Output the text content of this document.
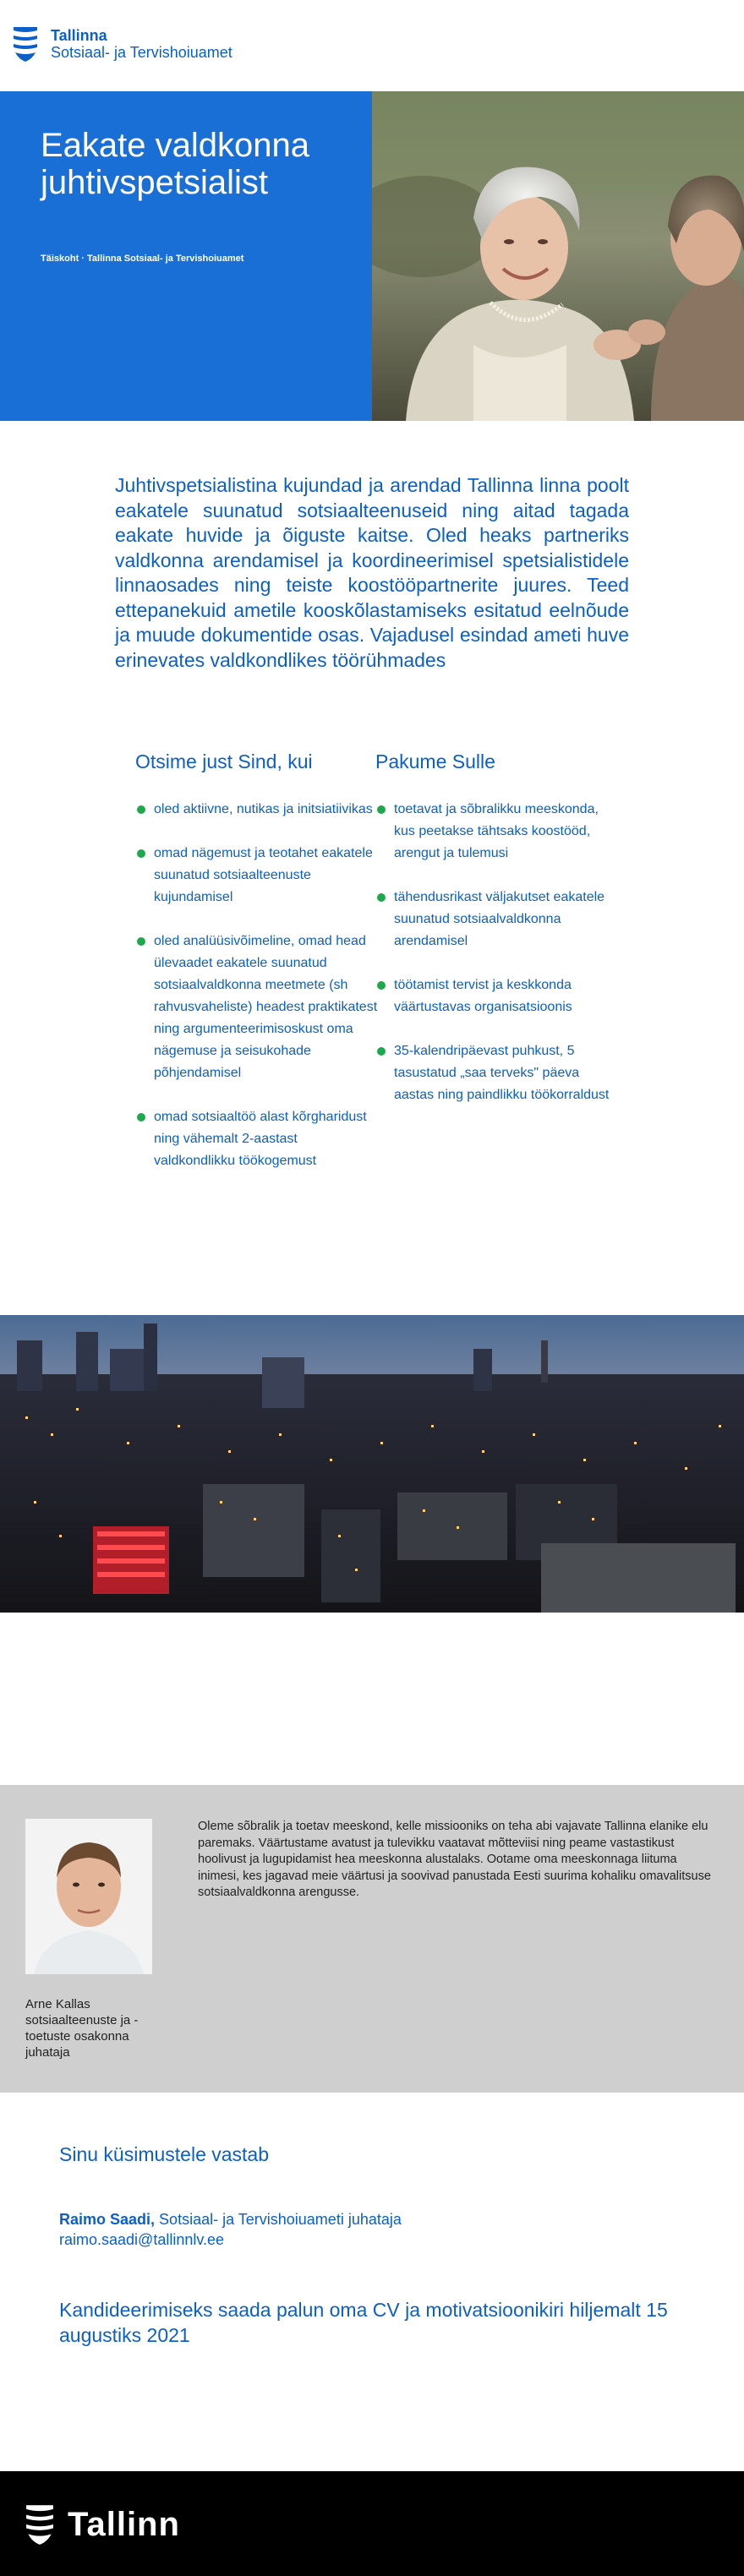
Tallinna
Sotsiaal- ja Tervishoiuamet
Eakate valdkonna juhtivspetsialist
Täiskoht · Tallinna Sotsiaal- ja Tervishoiuamet

Juhtivspetsialistina kujundad ja arendad Tallinna linna poolt eakatele suunatud sotsiaalteenuseid ning aitad tagada eakate huvide ja õiguste kaitse. Oled heaks partneriks valdkonna arendamisel ja koordineerimisel spetsialistidele linnaosades ning teiste koostööpartnerite juures. Teed ettepanekuid ametile kooskõlastamiseks esitatud eelnõude ja muude dokumentide osas. Vajadusel esindad ameti huve erinevates valdkondlikes töörühmades

Otsime just Sind, kui
oled aktiivne, nutikas ja initsiatiivikas
omad nägemust ja teotahet eakatele suunatud sotsiaalteenuste kujundamisel
oled analüüsivõimeline, omad head ülevaadet eakatele suunatud sotsiaalvaldkonna meetmete (sh rahvusvaheliste) headest praktikatest ning argumenteerimisoskust oma nägemuse ja seisukohade põhjendamisel
omad sotsiaaltöö alast kõrgharidust ning vähemalt 2-aastast valdkondlikku töökogemust
Pakume Sulle
toetavat ja sõbralikku meeskonda, kus peetakse tähtsaks koostööd, arengut ja tulemusi
tähendusrikast väljakutset eakatele suunatud sotsiaalvaldkonna arendamisel
töötamist tervist ja keskkonda väärtustavas organisatsioonis
35-kalendripäevast puhkust, 5 tasustatud „saa terveks" päeva aastas ning paindlikku töökorraldust

Arne Kallas sotsiaalteenuste ja -toetuste osakonna juhataja

Oleme sõbralik ja toetav meeskond, kelle missiooniks on teha abi vajavate Tallinna elanike elu paremaks. Väärtustame avatust ja tulevikku vaatavat mõtteviisi ning peame vastastikust hoolivust ja lugupidamist hea meeskonna alustalaks. Ootame oma meeskonnaga liituma inimesi, kes jagavad meie väärtusi ja soovivad panustada Eesti suurima kohaliku omavalitsuse sotsiaalvaldkonna arengusse.

Sinu küsimustele vastab

Raimo Saadi, Sotsiaal- ja Tervishoiuameti juhataja

raimo.saadi@tallinnlv.ee

Kandideerimiseks saada palun oma CV ja motivatsioonikiri hiljemalt 15 augustiks 2021

Tallinn
